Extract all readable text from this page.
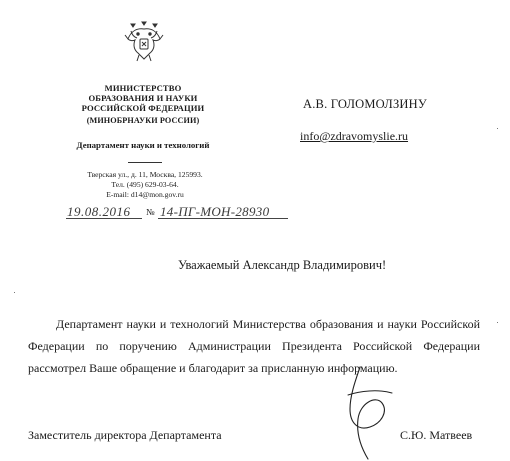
МИНИСТЕРСТВО
ОБРАЗОВАНИЯ И НАУКИ
РОССИЙСКОЙ ФЕДЕРАЦИИ
(МИНОБРНАУКИ РОССИИ)
Департамент науки и технологий
Тверская ул., д. 11, Москва, 125993.
Тел. (495) 629-03-64.
E-mail: d14@mon.gov.ru
19.08.2016 № 14-ПГ-МОН-28930
А.В. ГОЛОМОЛЗИНУ
info@zdravomyslie.ru
Уважаемый Александр Владимирович!
Департамент науки и технологий Министерства образования и науки Российской Федерации по поручению Администрации Президента Российской Федерации рассмотрел Ваше обращение и благодарит за присланную информацию.
Заместитель директора Департамента	С.Ю. Матвеев
